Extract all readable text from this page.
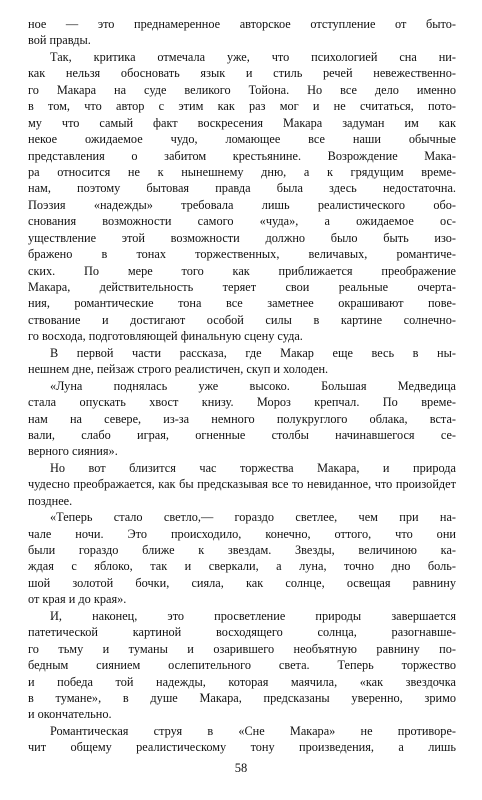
ное — это преднамеренное авторское отступление от быто-
вой правды.
Так, критика отмечала уже, что психологией сна ни-
как нельзя обосновать язык и стиль речей невежественно-
го Макара на суде великого Тойона. Но все дело именно
в том, что автор с этим как раз мог и не считаться, пото-
му что самый факт воскресения Макара задуман им как
некое ожидаемое чудо, ломающее все наши обычные
представления о забитом крестьянине. Возрождение Мака-
ра относится не к нынешнему дню, а к грядущим време-
нам, поэтому бытовая правда была здесь недостаточна.
Поэзия «надежды» требовала лишь реалистического обо-
снования возможности самого «чуда», а ожидаемое ос-
уществление этой возможности должно было быть изо-
бражено в тонах торжественных, величавых, романтиче-
ских. По мере того как приближается преображение
Макара, действительность теряет свои реальные очерта-
ния, романтические тона все заметнее окрашивают пове-
ствование и достигают особой силы в картине солнечно-
го восхода, подготовляющей финальную сцену суда.
В первой части рассказа, где Макар еще весь в ны-
нешнем дне, пейзаж строго реалистичен, скуп и холоден.
«Луна поднялась уже высоко. Большая Медведица
стала опускать хвост книзу. Мороз крепчал. По време-
нам на севере, из-за немного полукруглого облака, вста-
вали, слабо играя, огненные столбы начинавшегося се-
верного сияния».
Но вот близится час торжества Макара, и природа
чудесно преображается, как бы предсказывая все то невиданное, что произойдет позднее.
«Теперь стало светло,— гораздо светлее, чем при на-
чале ночи. Это происходило, конечно, оттого, что они
были гораздо ближе к звездам. Звезды, величиною ка-
ждая с яблоко, так и сверкали, а луна, точно дно боль-
шой золотой бочки, сияла, как солнце, освещая равнину
от края и до края».
И, наконец, это просветление природы завершается
патетической картиной восходящего солнца, разогнавше-
го тьму и туманы и озарившего необъятную равнину по-
бедным сиянием ослепительного света. Теперь торжество
и победа той надежды, которая маячила, «как звездочка
в тумане», в душе Макара, предсказаны уверенно, зримо
и окончательно.
Романтическая струя в «Сне Макара» не противоре-
чит общему реалистическому тону произведения, а лишь
58
